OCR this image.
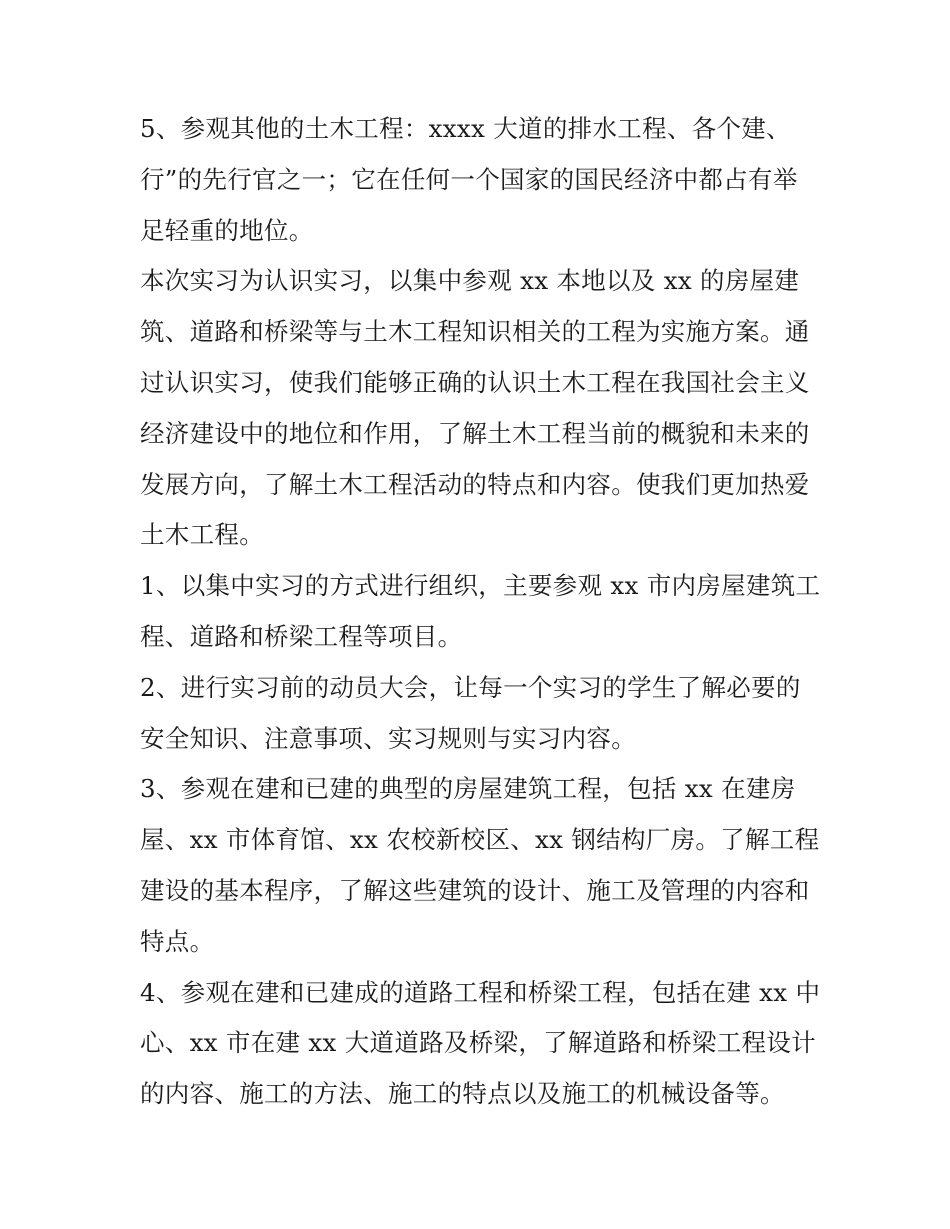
5、参观其他的土木工程：xxxx 大道的排水工程、各个建、
行”的先行官之一；它在任何一个国家的国民经济中都占有举
足轻重的地位。
本次实习为认识实习，以集中参观 xx 本地以及 xx 的房屋建
筑、道路和桥梁等与土木工程知识相关的工程为实施方案。通
过认识实习，使我们能够正确的认识土木工程在我国社会主义
经济建设中的地位和作用，了解土木工程当前的概貌和未来的
发展方向，了解土木工程活动的特点和内容。使我们更加热爱
土木工程。
1、以集中实习的方式进行组织，主要参观 xx 市内房屋建筑工
程、道路和桥梁工程等项目。
2、进行实习前的动员大会，让每一个实习的学生了解必要的
安全知识、注意事项、实习规则与实习内容。
3、参观在建和已建的典型的房屋建筑工程，包括 xx 在建房
屋、xx 市体育馆、xx 农校新校区、xx 钢结构厂房。了解工程
建设的基本程序，了解这些建筑的设计、施工及管理的内容和
特点。
4、参观在建和已建成的道路工程和桥梁工程，包括在建 xx 中
心、xx 市在建 xx 大道道路及桥梁，了解道路和桥梁工程设计
的内容、施工的方法、施工的特点以及施工的机械设备等。
